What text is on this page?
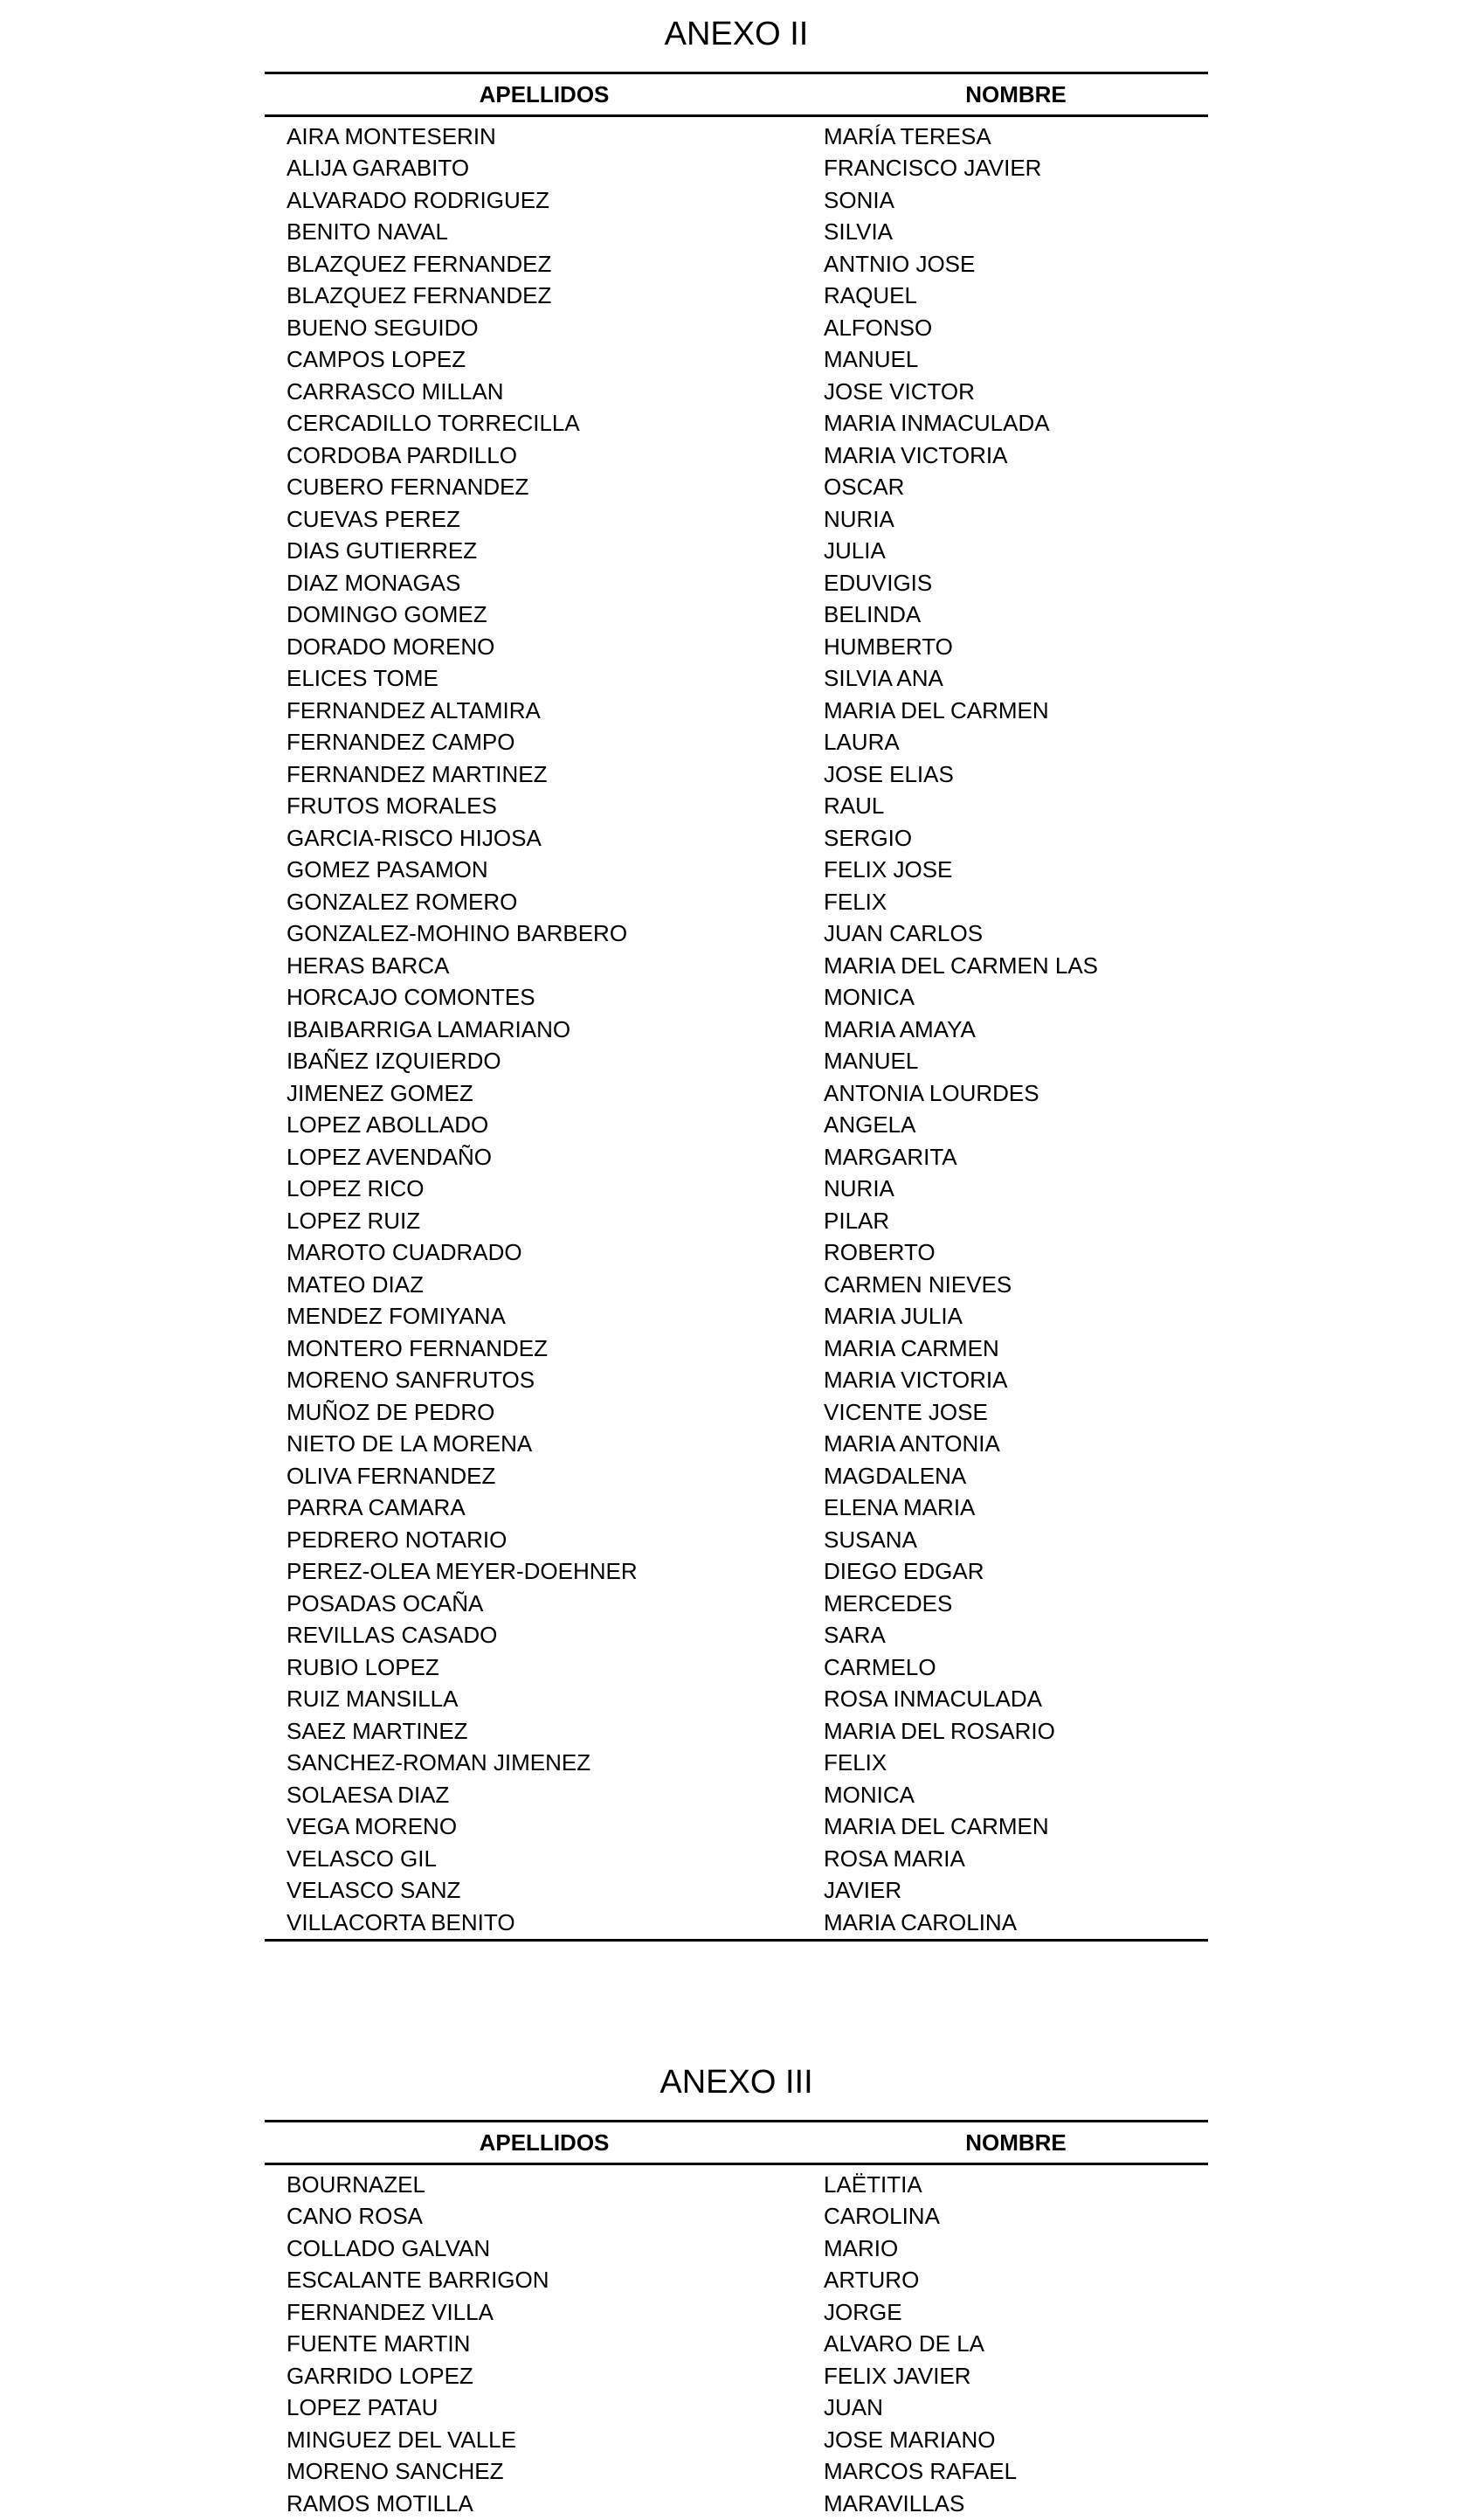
ANEXO II
APELLIDOS	NOMBRE
AIRA MONTESERIN	MARÍA TERESA
ALIJA GARABITO	FRANCISCO JAVIER
ALVARADO RODRIGUEZ	SONIA
BENITO NAVAL	SILVIA
BLAZQUEZ FERNANDEZ	ANTNIO JOSE
BLAZQUEZ FERNANDEZ	RAQUEL
BUENO SEGUIDO	ALFONSO
CAMPOS LOPEZ	MANUEL
CARRASCO MILLAN	JOSE VICTOR
CERCADILLO TORRECILLA	MARIA INMACULADA
CORDOBA PARDILLO	MARIA VICTORIA
CUBERO FERNANDEZ	OSCAR
CUEVAS PEREZ	NURIA
DIAS GUTIERREZ	JULIA
DIAZ MONAGAS	EDUVIGIS
DOMINGO GOMEZ	BELINDA
DORADO MORENO	HUMBERTO
ELICES TOME	SILVIA ANA
FERNANDEZ ALTAMIRA	MARIA DEL CARMEN
FERNANDEZ CAMPO	LAURA
FERNANDEZ MARTINEZ	JOSE ELIAS
FRUTOS MORALES	RAUL
GARCIA-RISCO HIJOSA	SERGIO
GOMEZ PASAMON	FELIX JOSE
GONZALEZ ROMERO	FELIX
GONZALEZ-MOHINO BARBERO	JUAN CARLOS
HERAS BARCA	MARIA DEL CARMEN LAS
HORCAJO COMONTES	MONICA
IBAIBARRIGA LAMARIANO	MARIA AMAYA
IBAÑEZ IZQUIERDO	MANUEL
JIMENEZ GOMEZ	ANTONIA LOURDES
LOPEZ ABOLLADO	ANGELA
LOPEZ AVENDAÑO	MARGARITA
LOPEZ RICO	NURIA
LOPEZ RUIZ	PILAR
MAROTO CUADRADO	ROBERTO
MATEO DIAZ	CARMEN NIEVES
MENDEZ FOMIYANA	MARIA JULIA
MONTERO FERNANDEZ	MARIA CARMEN
MORENO SANFRUTOS	MARIA VICTORIA
MUÑOZ DE PEDRO	VICENTE JOSE
NIETO DE LA MORENA	MARIA ANTONIA
OLIVA FERNANDEZ	MAGDALENA
PARRA CAMARA	ELENA MARIA
PEDRERO NOTARIO	SUSANA
PEREZ-OLEA MEYER-DOEHNER	DIEGO EDGAR
POSADAS OCAÑA	MERCEDES
REVILLAS CASADO	SARA
RUBIO LOPEZ	CARMELO
RUIZ MANSILLA	ROSA INMACULADA
SAEZ MARTINEZ	MARIA DEL ROSARIO
SANCHEZ-ROMAN JIMENEZ	FELIX
SOLAESA DIAZ	MONICA
VEGA MORENO	MARIA DEL CARMEN
VELASCO GIL	ROSA MARIA
VELASCO SANZ	JAVIER
VILLACORTA BENITO	MARIA CAROLINA
ANEXO III
APELLIDOS	NOMBRE
BOURNAZEL	LAËTITIA
CANO ROSA	CAROLINA
COLLADO GALVAN	MARIO
ESCALANTE BARRIGON	ARTURO
FERNANDEZ VILLA	JORGE
FUENTE MARTIN	ALVARO DE LA
GARRIDO LOPEZ	FELIX JAVIER
LOPEZ PATAU	JUAN
MINGUEZ DEL VALLE	JOSE MARIANO
MORENO SANCHEZ	MARCOS RAFAEL
RAMOS MOTILLA	MARAVILLAS
